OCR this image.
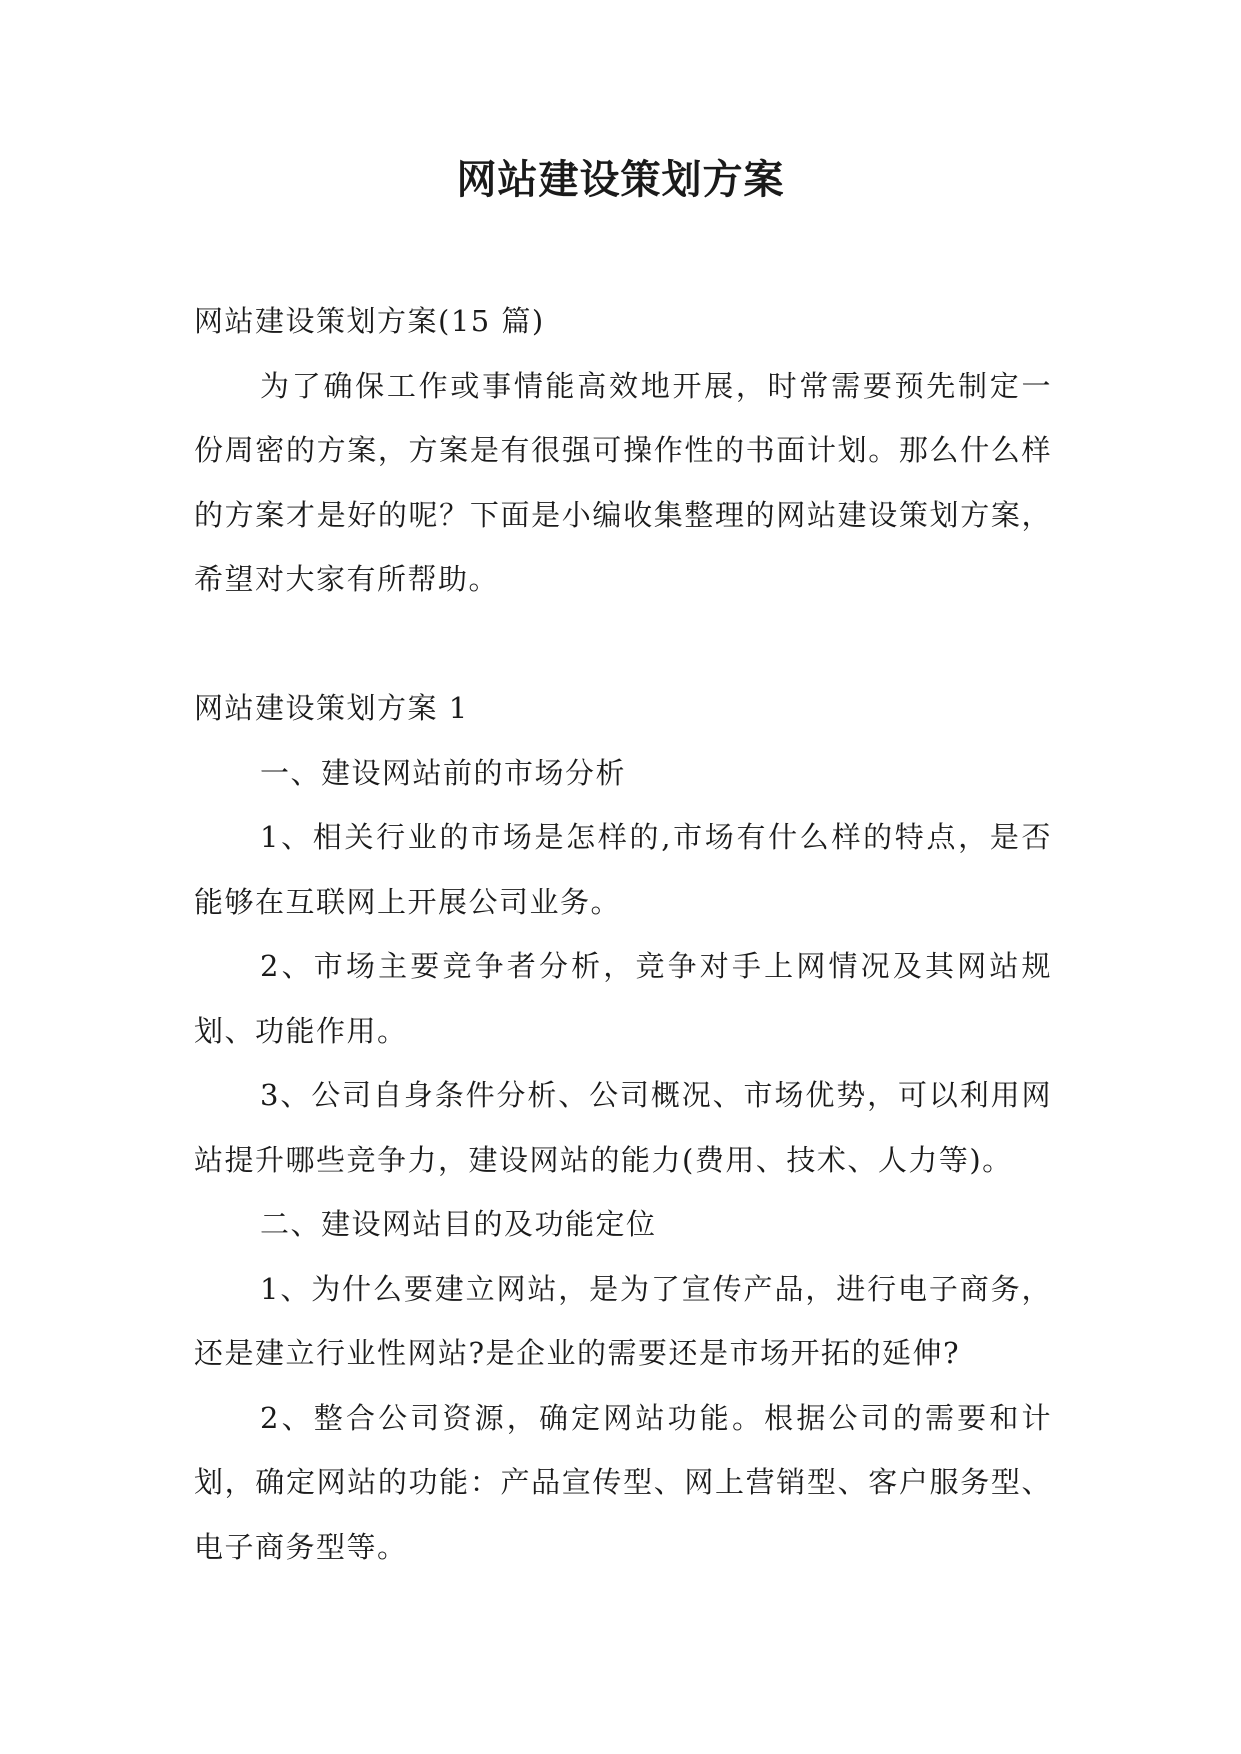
网站建设策划方案

网站建设策划方案(15 篇)

为了确保工作或事情能高效地开展，时常需要预先制定一份周密的方案，方案是有很强可操作性的书面计划。那么什么样的方案才是好的呢？下面是小编收集整理的网站建设策划方案，希望对大家有所帮助。

网站建设策划方案 1

一、建设网站前的市场分析

1、相关行业的市场是怎样的,市场有什么样的特点，是否能够在互联网上开展公司业务。

2、市场主要竞争者分析，竞争对手上网情况及其网站规划、功能作用。

3、公司自身条件分析、公司概况、市场优势，可以利用网站提升哪些竞争力，建设网站的能力(费用、技术、人力等)。

二、建设网站目的及功能定位

1、为什么要建立网站，是为了宣传产品，进行电子商务，还是建立行业性网站?是企业的需要还是市场开拓的延伸?

2、整合公司资源，确定网站功能。根据公司的需要和计划，确定网站的功能：产品宣传型、网上营销型、客户服务型、电子商务型等。
